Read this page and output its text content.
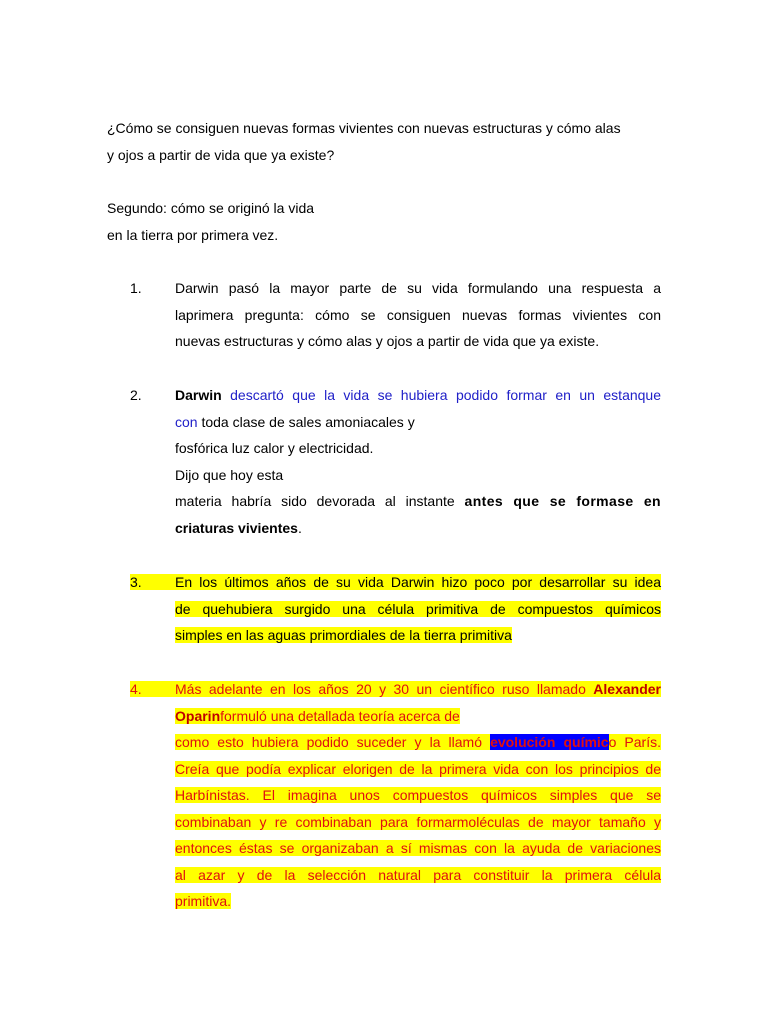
¿Cómo se consiguen nuevas formas vivientes con nuevas estructuras y cómo alas
y ojos a partir de vida que ya existe?
Segundo: cómo se originó la vida
en la tierra por primera vez.
1. Darwin pasó la mayor parte de su vida formulando una respuesta a
laprimera pregunta: cómo se consiguen nuevas formas vivientes con
nuevas estructuras y cómo alas y ojos a partir de vida que ya existe.
2. Darwin descartó que la vida se hubiera podido formar en un estanque
con toda clase de sales amoniacales y
fosfórica luz calor y electricidad.
Dijo que hoy esta
materia habría sido devorada al instante antes que se formase en
criaturas vivientes.
3.	En los últimos años de su vida Darwin hizo poco por desarrollar su idea
de quehubiera surgido una célula primitiva de compuestos químicos
simples en las aguas primordiales de la tierra primitiva
4.	Más adelante en los años 20 y 30 un científico ruso llamado Alexander
Oparinformuló una detallada teoría acerca de
como esto hubiera podido suceder y la llamó evolución químico París.
Creía que podía explicar elorigen de la primera vida con los principios de
Harbínistas. El imagina unos compuestos químicos simples que se
combinaban y re combinaban para formarmoléculas de mayor tamaño y
entonces éstas se organizaban a sí mismas con la ayuda de variaciones
al azar y de la selección natural para constituir la primera célula
primitiva.
